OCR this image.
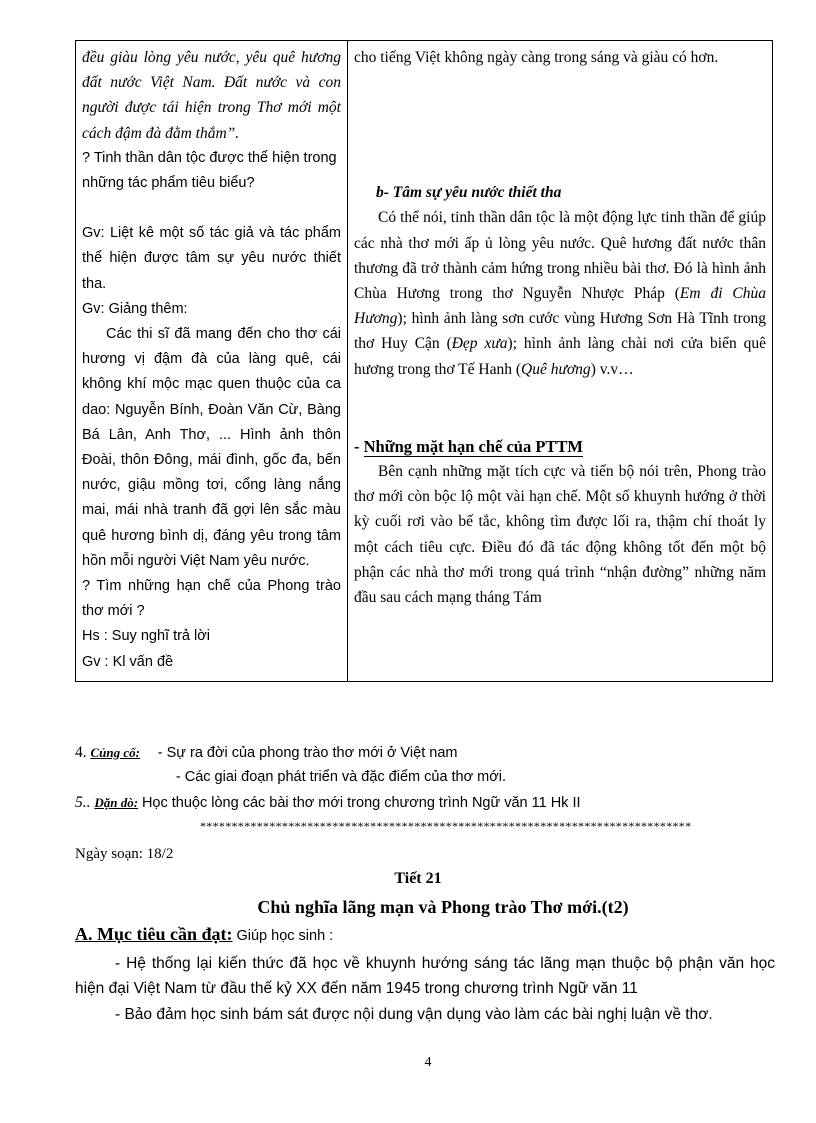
đều giàu lòng yêu nước, yêu quê hương đất nước Việt Nam. Đất nước và con người được tái hiện trong Thơ mới một cách đậm đà đằm thắm”.

? Tinh thần dân tộc được thể hiện trong những tác phẩm tiêu biểu?

Gv: Liệt kê một số tác giả và tác phẩm thể hiện được tâm sự yêu nước thiết tha.

Gv: Giảng thêm:

Các thi sĩ đã mang đến cho thơ cái hương vị đậm đà của làng quê, cái không khí mộc mạc quen thuộc của ca dao: Nguyễn Bính, Đoàn Văn Cừ, Bàng Bá Lân, Anh Thơ, ... Hình ảnh thôn Đoài, thôn Đông, mái đình, gốc đa, bến nước, giậu mồng tơi, cổng làng nắng mai, mái nhà tranh đã gợi lên sắc màu quê hương bình dị, đáng yêu trong tâm hồn mỗi người Việt Nam yêu nước.

? Tìm những hạn chế của Phong trào thơ mới ?

Hs : Suy nghĩ trả lời

Gv : Kl vấn đề

cho tiếng Việt không ngày càng trong sáng và giàu có hơn.

b- Tâm sự yêu nước thiết tha

Có thể nói, tinh thần dân tộc là một động lực tinh thần để giúp các nhà thơ mới ấp ủ lòng yêu nước. Quê hương đất nước thân thương đã trở thành cảm hứng trong nhiều bài thơ. Đó là hình ảnh Chùa Hương trong thơ Nguyễn Nhược Pháp (Em đi Chùa Hương); hình ảnh làng sơn cước vùng Hương Sơn Hà Tĩnh trong thơ Huy Cận (Đẹp xưa); hình ảnh làng chài nơi cửa biển quê hương trong thơ Tế Hanh (Quê hương) v.v…

- Những mặt hạn chế của PTTM

Bên cạnh những mặt tích cực và tiến bộ nói trên, Phong trào thơ mới còn bộc lộ một vài hạn chế. Một số khuynh hướng ở thời kỳ cuối rơi vào bế tắc, không tìm được lối ra, thậm chí thoát ly một cách tiêu cực. Điều đó đã tác động không tốt đến một bộ phận các nhà thơ mới trong quá trình “nhận đường” những năm đầu sau cách mạng tháng Tám

4. Củng cố: - Sự ra đời của phong trào thơ mới ở Việt nam
- Các giai đoạn phát triển và đặc điểm của thơ mới.
5.. Dặn dò: Học thuộc lòng các bài thơ mới trong chương trình Ngữ văn 11 Hk II
******************************************************************************
Ngày soạn: 18/2
Tiết 21
Chủ nghĩa lãng mạn và Phong trào Thơ mới.(t2)
A. Mục tiêu cần đạt: Giúp học sinh :
- Hệ thống lại kiến thức đã học về khuynh hướng sáng tác lãng mạn thuộc bộ phận văn học hiện đại Việt Nam từ đầu thế kỷ XX đến năm 1945 trong chương trình Ngữ văn 11
- Bảo đảm học sinh bám sát được nội dung vận dụng vào làm các bài nghị luận về thơ.
4
